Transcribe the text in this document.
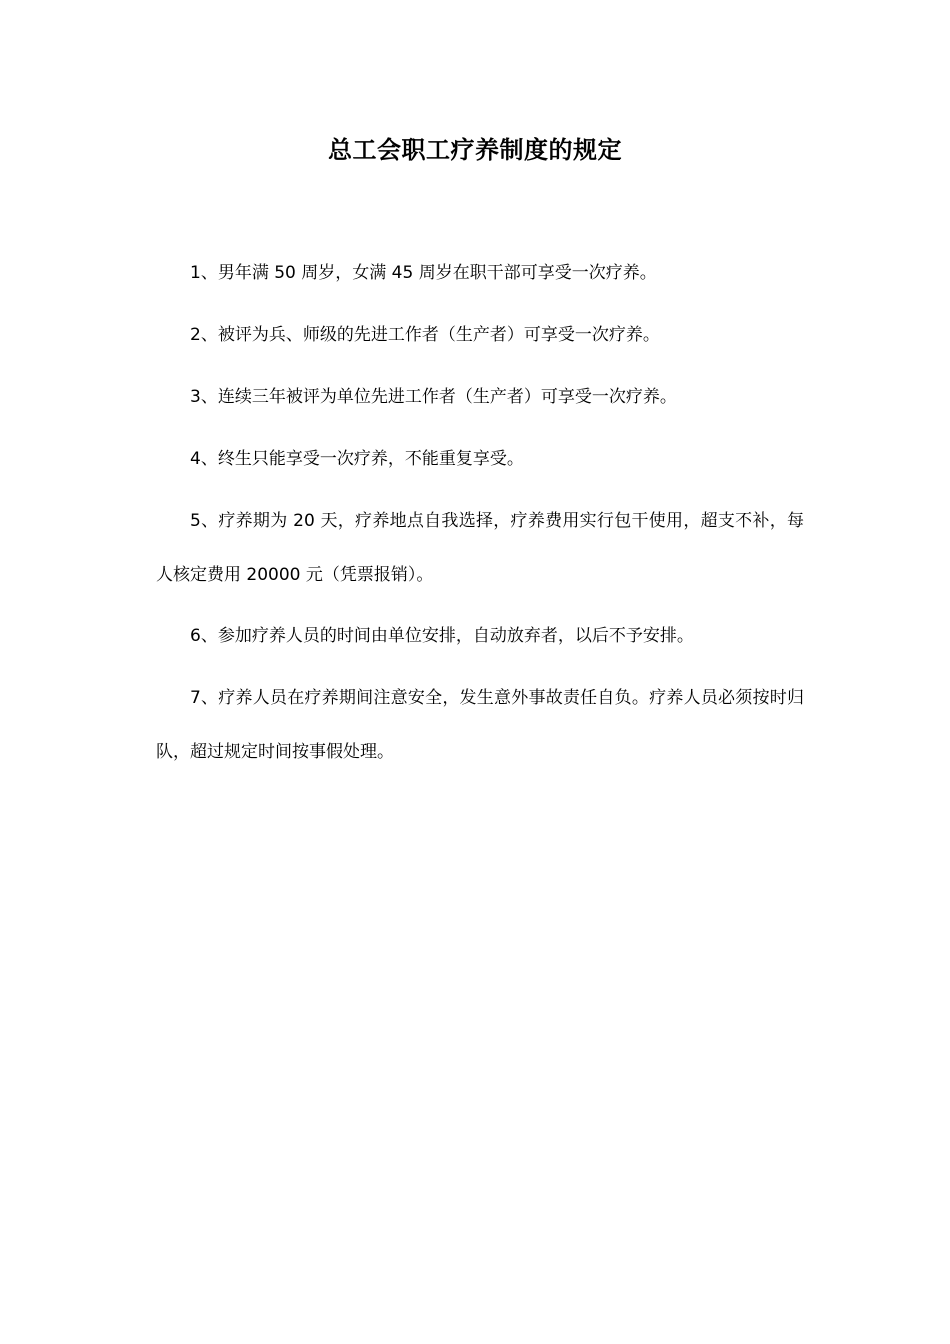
总工会职工疗养制度的规定

1、男年满 50 周岁，女满 45 周岁在职干部可享受一次疗养。

2、被评为兵、师级的先进工作者（生产者）可享受一次疗养。

3、连续三年被评为单位先进工作者（生产者）可享受一次疗养。

4、终生只能享受一次疗养，不能重复享受。

5、疗养期为 20 天，疗养地点自我选择，疗养费用实行包干使用，超支不补，每人核定费用 20000 元（凭票报销）。

6、参加疗养人员的时间由单位安排，自动放弃者，以后不予安排。

7、疗养人员在疗养期间注意安全，发生意外事故责任自负。疗养人员必须按时归队，超过规定时间按事假处理。
